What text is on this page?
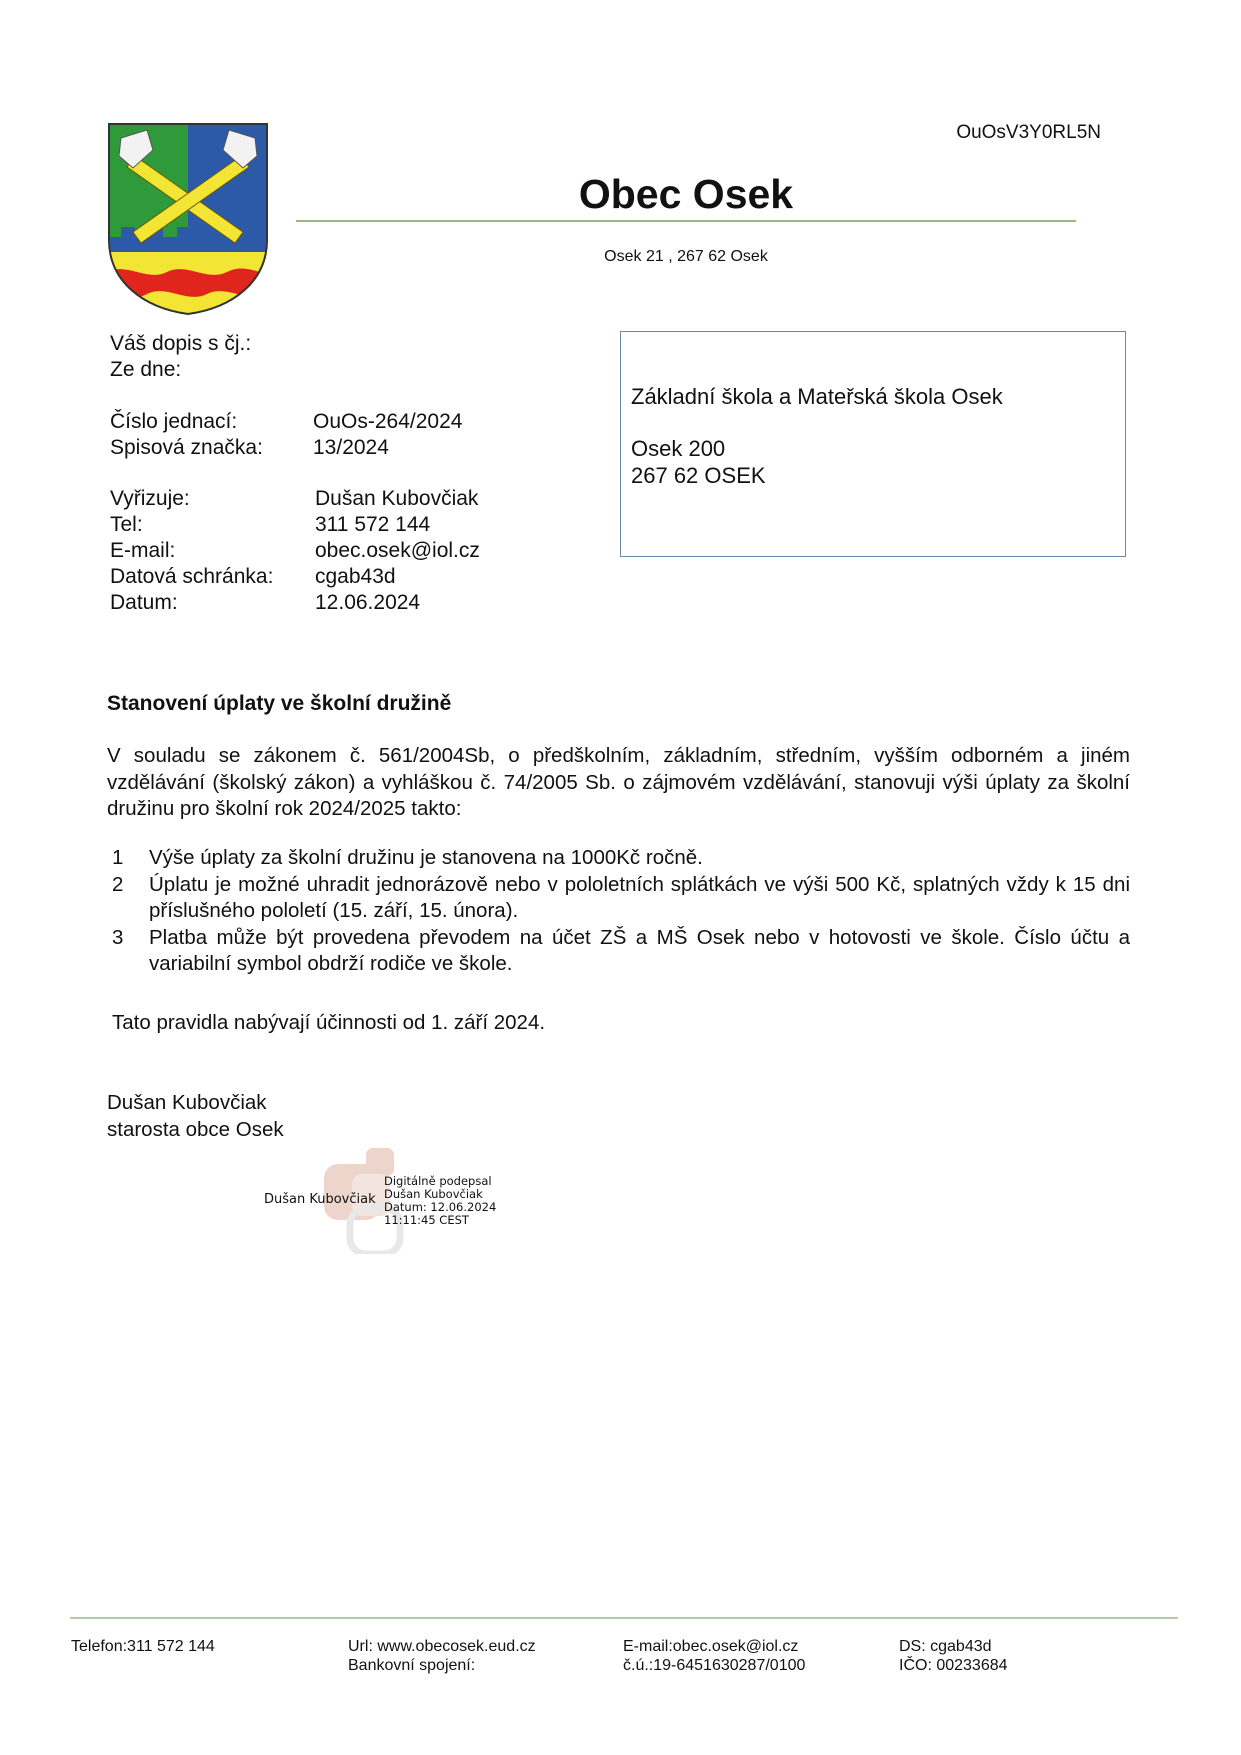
OuOsV3Y0RL5N
Obec Osek
Osek 21 , 267 62 Osek
Váš dopis s čj.:
Ze dne:
Číslo jednací:	OuOs-264/2024
Spisová značka:	13/2024
Vyřizuje:	Dušan Kubovčiak
Tel:	311 572 144
E-mail:	obec.osek@iol.cz
Datová schránka:	cgab43d
Datum:	12.06.2024
Základní škola a Mateřská škola Osek
Osek 200
267 62 OSEK
Stanovení úplaty ve školní družině
V souladu se zákonem č. 561/2004Sb, o předškolním, základním, středním, vyšším odborném a jiném vzdělávání (školský zákon) a vyhláškou č. 74/2005 Sb. o zájmovém vzdělávání, stanovuji výši úplaty za školní družinu pro školní rok 2024/2025 takto:
1	Výše úplaty za školní družinu je stanovena na 1000Kč ročně.
2	Úplatu je možné uhradit jednorázově nebo v pololetních splátkách ve výši 500 Kč, splatných vždy k 15 dni příslušného pololetí (15. září, 15. února).
3	Platba může být provedena převodem na účet ZŠ a MŠ Osek nebo v hotovosti ve škole. Číslo účtu a variabilní symbol obdrží rodiče ve škole.
Tato pravidla nabývají účinnosti od 1. září 2024.
Dušan Kubovčiak
starosta obce Osek
Dušan Kubovčiak
Digitálně podepsal
Dušan Kubovčiak
Datum: 12.06.2024
11:11:45 CEST
Telefon:311 572 144	Url: www.obecosek.eud.cz
Bankovní spojení:
E-mail:obec.osek@iol.cz
č.ú.:19-6451630287/0100
DS: cgab43d
IČO: 00233684
